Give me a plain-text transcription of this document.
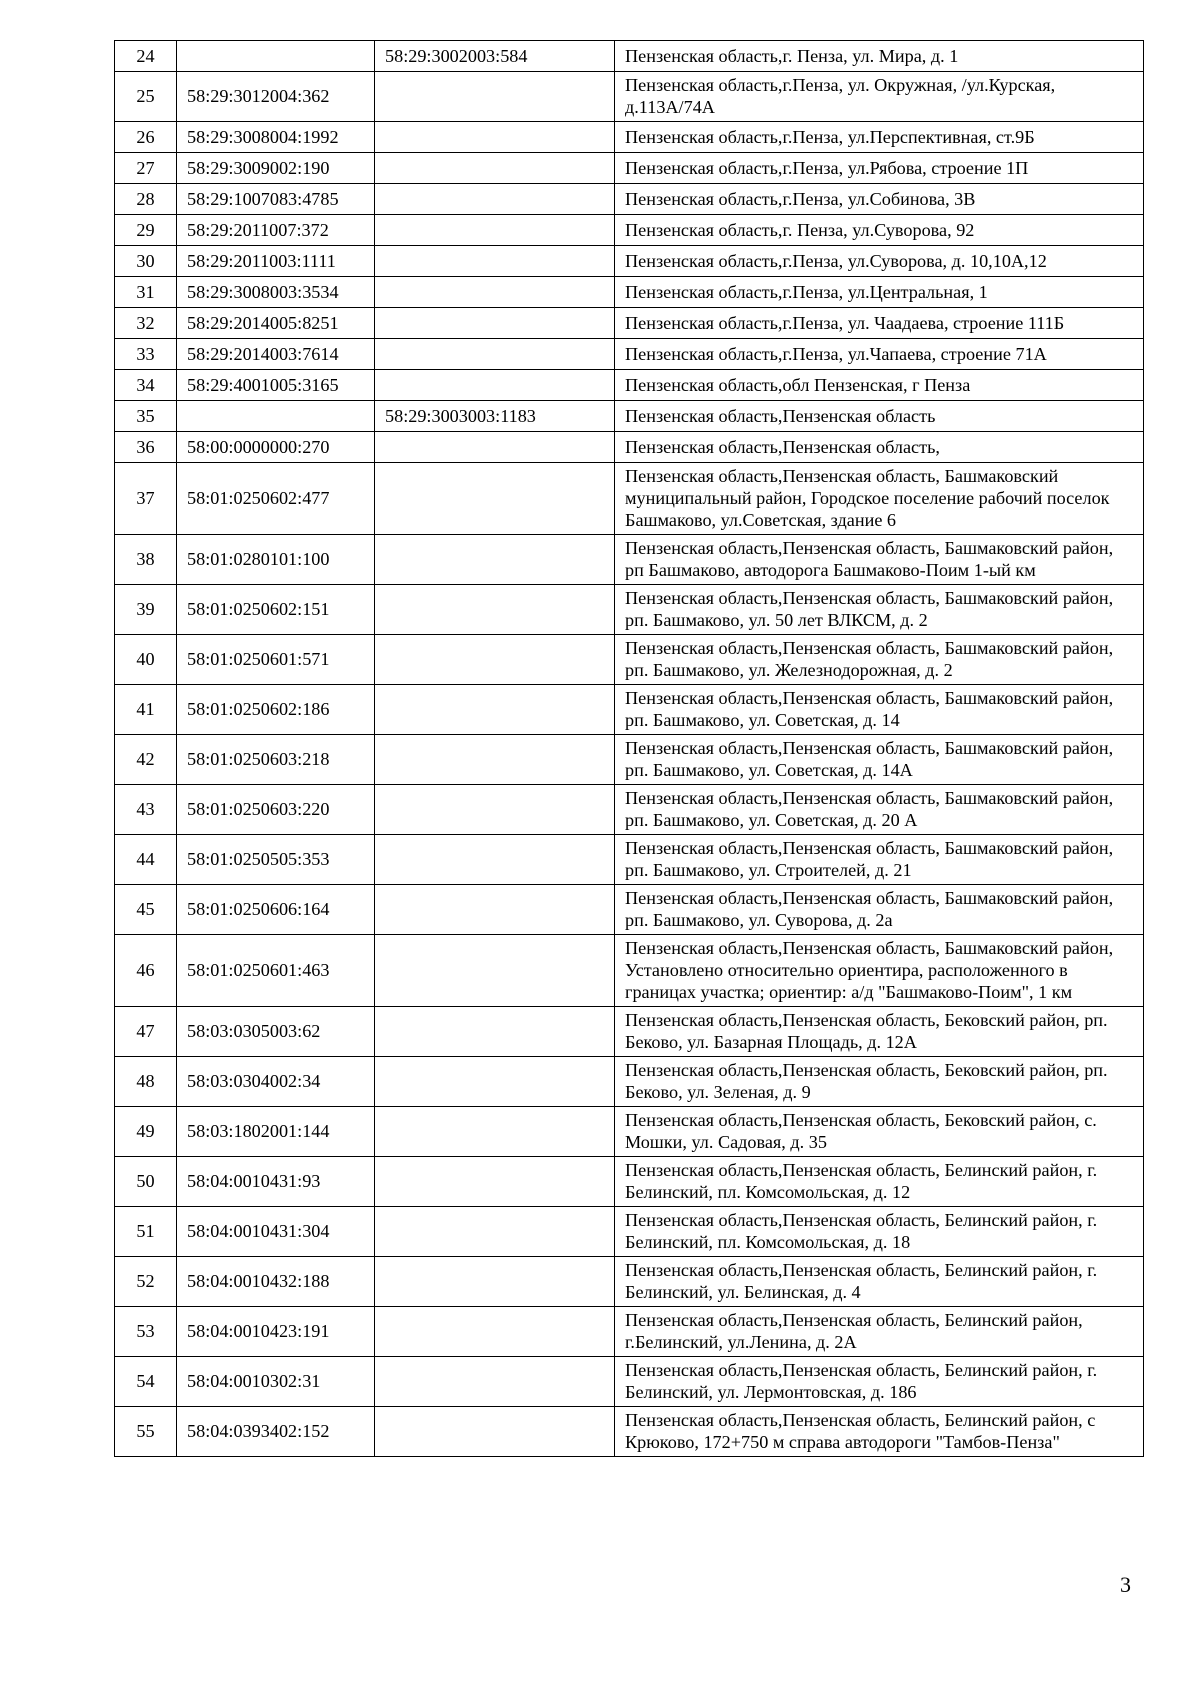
24		58:29:3002003:584	Пензенская область,г. Пенза, ул. Мира, д. 1
25	58:29:3012004:362		Пензенская область,г.Пенза, ул. Окружная, /ул.Курская, д.113А/74А
26	58:29:3008004:1992		Пензенская область,г.Пенза, ул.Перспективная, ст.9Б
27	58:29:3009002:190		Пензенская область,г.Пенза, ул.Рябова, строение 1П
28	58:29:1007083:4785		Пензенская область,г.Пенза, ул.Собинова, 3В
29	58:29:2011007:372		Пензенская область,г. Пенза, ул.Суворова, 92
30	58:29:2011003:1111		Пензенская область,г.Пенза, ул.Суворова, д. 10,10А,12
31	58:29:3008003:3534		Пензенская область,г.Пенза, ул.Центральная, 1
32	58:29:2014005:8251		Пензенская область,г.Пенза, ул. Чаадаева, строение 111Б
33	58:29:2014003:7614		Пензенская область,г.Пенза, ул.Чапаева, строение 71А
34	58:29:4001005:3165		Пензенская область,обл Пензенская, г Пенза
35		58:29:3003003:1183	Пензенская область,Пензенская область
36	58:00:0000000:270		Пензенская область,Пензенская область,
37	58:01:0250602:477		Пензенская область,Пензенская область, Башмаковский муниципальный район, Городское поселение рабочий поселок Башмаково, ул.Советская, здание 6
38	58:01:0280101:100		Пензенская область,Пензенская область, Башмаковский район, рп Башмаково, автодорога Башмаково-Поим 1-ый км
39	58:01:0250602:151		Пензенская область,Пензенская область, Башмаковский район, рп. Башмаково, ул. 50 лет ВЛКСМ, д. 2
40	58:01:0250601:571		Пензенская область,Пензенская область, Башмаковский район, рп. Башмаково, ул. Железнодорожная, д. 2
41	58:01:0250602:186		Пензенская область,Пензенская область, Башмаковский район, рп. Башмаково, ул. Советская, д. 14
42	58:01:0250603:218		Пензенская область,Пензенская область, Башмаковский район, рп. Башмаково, ул. Советская, д. 14А
43	58:01:0250603:220		Пензенская область,Пензенская область, Башмаковский район, рп. Башмаково, ул. Советская, д. 20 А
44	58:01:0250505:353		Пензенская область,Пензенская область, Башмаковский район, рп. Башмаково, ул. Строителей, д. 21
45	58:01:0250606:164		Пензенская область,Пензенская область, Башмаковский район, рп. Башмаково, ул. Суворова, д. 2а
46	58:01:0250601:463		Пензенская область,Пензенская область, Башмаковский район, Установлено относительно ориентира, расположенного в границах участка; ориентир: а/д "Башмаково-Поим", 1 км
47	58:03:0305003:62		Пензенская область,Пензенская область, Бековский район, рп. Беково, ул. Базарная Площадь, д. 12А
48	58:03:0304002:34		Пензенская область,Пензенская область, Бековский район, рп. Беково, ул. Зеленая, д. 9
49	58:03:1802001:144		Пензенская область,Пензенская область, Бековский район, с. Мошки, ул. Садовая, д. 35
50	58:04:0010431:93		Пензенская область,Пензенская область, Белинский район, г. Белинский, пл. Комсомольская, д. 12
51	58:04:0010431:304		Пензенская область,Пензенская область, Белинский район, г. Белинский, пл. Комсомольская, д. 18
52	58:04:0010432:188		Пензенская область,Пензенская область, Белинский район, г. Белинский, ул. Белинская, д. 4
53	58:04:0010423:191		Пензенская область,Пензенская область, Белинский район, г.Белинский, ул.Ленина, д. 2А
54	58:04:0010302:31		Пензенская область,Пензенская область, Белинский район, г. Белинский, ул. Лермонтовская, д. 186
55	58:04:0393402:152		Пензенская область,Пензенская область, Белинский район, с Крюково, 172+750 м справа автодороги "Тамбов-Пенза"
3
